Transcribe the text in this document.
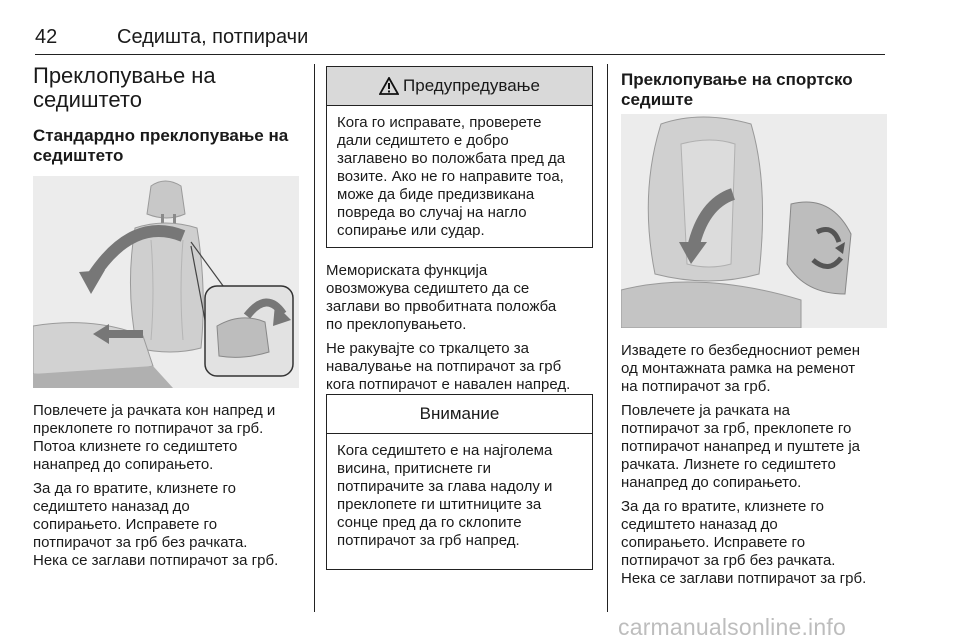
42	Седишта, потпирачи
Преклопување на
седиштето
Стандардно преклопување на
седиштето

Повлечете ја рачката кон напред и
преклопете го потпирачот за грб.
Потоа клизнете го седиштето
нанапред до сопирањето.

За да го вратите, клизнете го
седиштето наназад до
сопирањето. Исправете го
потпирачот за грб без рачката.
Нека се заглави потпирачот за грб.

Предупредување

Кога го исправате, проверете
дали седиштето е добро
заглавено во положбата пред да
возите. Ако не го направите тоа,
може да биде предизвикана
повреда во случај на нагло
сопирање или судар.

Меморискaта функција
овозможува седиштето да се
заглави во првобитната положба
по преклопувањето.

Не ракувајте со тркалцето за
навалување на потпирачот за грб
кога потпирачот е навален напред.

Внимание

Кога седиштето е на најголема
висина, притиснете ги
потпирачите за глава надолу и
преклопете ги штитниците за
сонце пред да го склопите
потпирачот за грб напред.

Преклопување на спортско
седиште

Извадете го безбедносниот ремен
од монтажната рамка на ременот
на потпирачот за грб.

Повлечете ја рачката на
потпирачот за грб, преклопете го
потпирачот нанапред и пуштете ја
рачката. Лизнете го седиштето
нанапред до сопирањето.

За да го вратите, клизнете го
седиштето наназад до
сопирањето. Исправете го
потпирачот за грб без рачката.
Нека се заглави потпирачот за грб.

carmanualsonline.info
